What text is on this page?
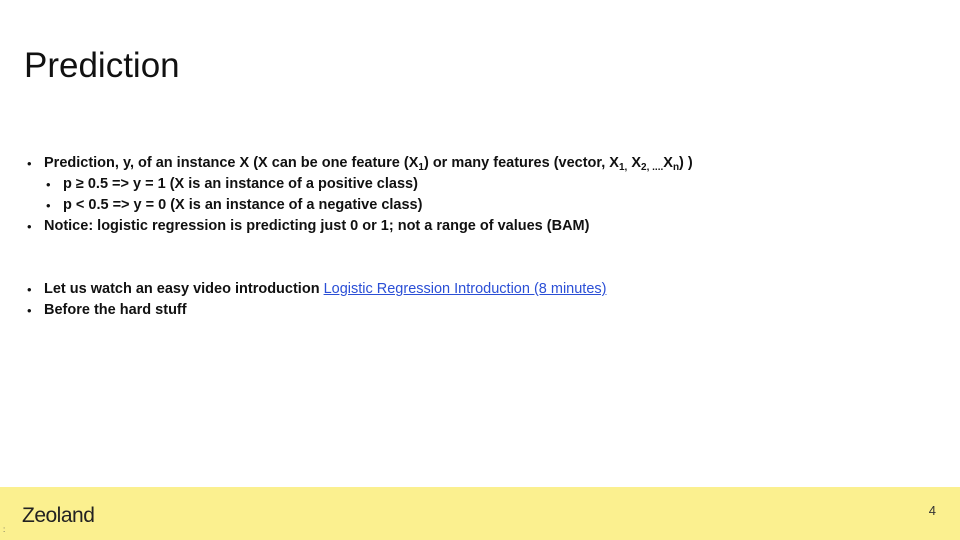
Prediction
• Prediction, y, of an instance X (X can be one feature $(X_1)$ or many features (vector, $X_{1,}$ $X_{2, ....}X_n$) )
• p ≥ 0.5 => y = 1 (X is an instance of a positive class)
• p < 0.5 => y = 0 (X is an instance of a negative class)
• Notice: logistic regression is predicting just 0 or 1; not a range of values (BAM)
• Let us watch an easy video introduction Logistic Regression Introduction (8 minutes)
• Before the hard stuff
Zeoland	4
:
